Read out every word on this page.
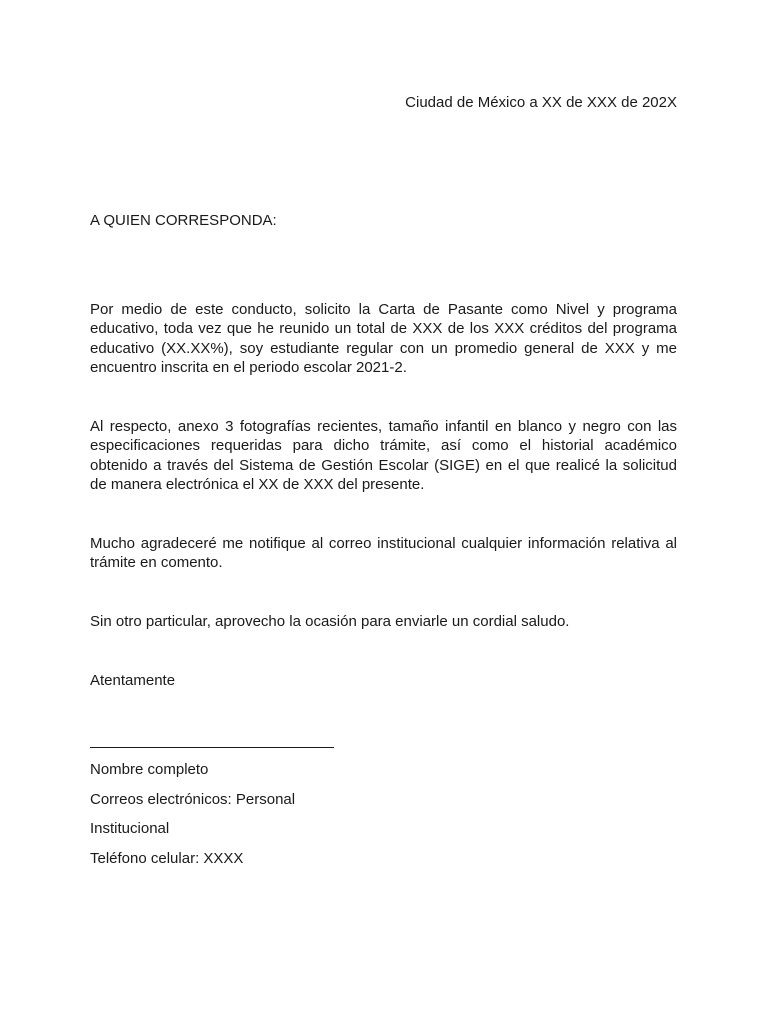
Ciudad de México a XX de XXX de 202X

A QUIEN CORRESPONDA:

Por medio de este conducto, solicito la Carta de Pasante como Nivel y programa educativo, toda vez que he reunido un total de XXX de los XXX créditos del programa educativo (XX.XX%), soy estudiante regular con un promedio general de XXX y me encuentro inscrita en el periodo escolar 2021-2.

Al respecto, anexo 3 fotografías recientes, tamaño infantil en blanco y negro con las especificaciones requeridas para dicho trámite, así como el historial académico obtenido a través del Sistema de Gestión Escolar (SIGE) en el que realicé la solicitud de manera electrónica el XX de XXX del presente.

Mucho agradeceré me notifique al correo institucional cualquier información relativa al trámite en comento.

Sin otro particular, aprovecho la ocasión para enviarle un cordial saludo.

Atentamente

Nombre completo

Correos electrónicos: Personal

Institucional

Teléfono celular: XXXX
